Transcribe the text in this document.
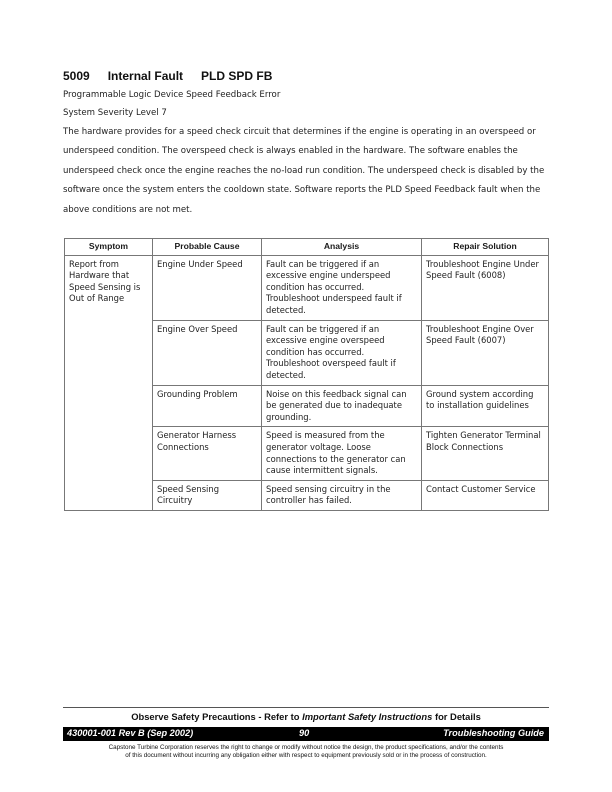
5009 Internal Fault PLD SPD FB
Programmable Logic Device Speed Feedback Error
System Severity Level 7
The hardware provides for a speed check circuit that determines if the engine is operating in an overspeed or underspeed condition. The overspeed check is always enabled in the hardware. The software enables the underspeed check once the engine reaches the no-load run condition. The underspeed check is disabled by the software once the system enters the cooldown state. Software reports the PLD Speed Feedback fault when the above conditions are not met.
Symptom	Probable Cause	Analysis	Repair Solution
Report from Hardware that Speed Sensing is Out of Range	Engine Under Speed	Fault can be triggered if an excessive engine underspeed condition has occurred. Troubleshoot underspeed fault if detected.	Troubleshoot Engine Under Speed Fault (6008)
	Engine Over Speed	Fault can be triggered if an excessive engine overspeed condition has occurred. Troubleshoot overspeed fault if detected.	Troubleshoot Engine Over Speed Fault (6007)
	Grounding Problem	Noise on this feedback signal can be generated due to inadequate grounding.	Ground system according to installation guidelines
	Generator Harness Connections	Speed is measured from the generator voltage. Loose connections to the generator can cause intermittent signals.	Tighten Generator Terminal Block Connections
	Speed Sensing Circuitry	Speed sensing circuitry in the controller has failed.	Contact Customer Service
Observe Safety Precautions - Refer to Important Safety Instructions for Details
430001-001 Rev B (Sep 2002)	90	Troubleshooting Guide
Capstone Turbine Corporation reserves the right to change or modify without notice the design, the product specifications, and/or the contents
of this document without incurring any obligation either with respect to equipment previously sold or in the process of construction.
